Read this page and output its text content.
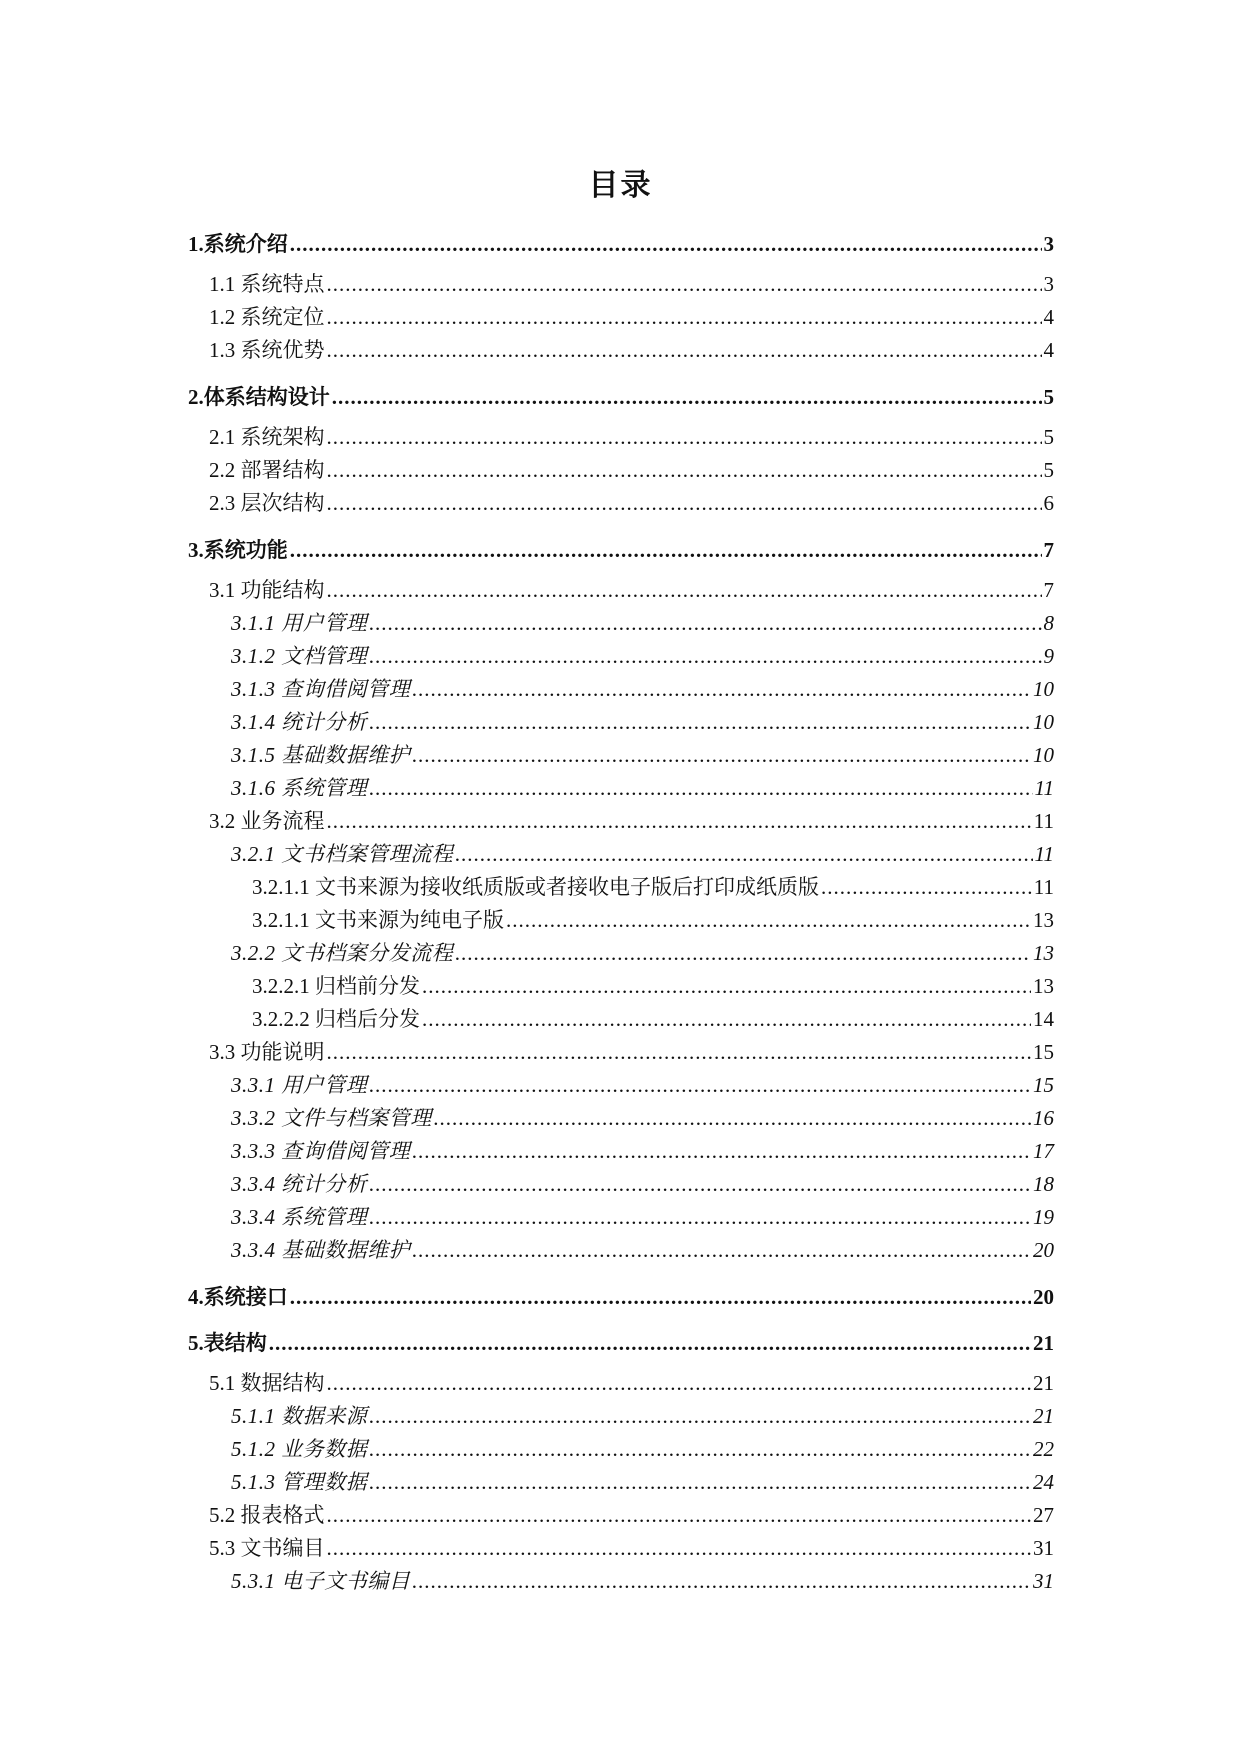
目录
1.系统介绍 .....	3
1.1 系统特点 .....	3
1.2 系统定位 .....	4
1.3 系统优势 .....	4
2.体系结构设计 .....	5
2.1 系统架构 .....	5
2.2 部署结构 .....	5
2.3 层次结构 .....	6
3.系统功能 .....	7
3.1 功能结构 .....	7
3.1.1 用户管理 .....	8
3.1.2 文档管理 .....	9
3.1.3 查询借阅管理 .....	10
3.1.4 统计分析 .....	10
3.1.5 基础数据维护 .....	10
3.1.6 系统管理 .....	11
3.2 业务流程 .....	11
3.2.1 文书档案管理流程 .....	11
3.2.1.1 文书来源为接收纸质版或者接收电子版后打印成纸质版 .....	11
3.2.1.1 文书来源为纯电子版 .....	13
3.2.2 文书档案分发流程 .....	13
3.2.2.1 归档前分发 .....	13
3.2.2.2 归档后分发 .....	14
3.3 功能说明 .....	15
3.3.1 用户管理 .....	15
3.3.2 文件与档案管理 .....	16
3.3.3 查询借阅管理 .....	17
3.3.4 统计分析 .....	18
3.3.4 系统管理 .....	19
3.3.4 基础数据维护 .....	20
4.系统接口 .....	20
5.表结构 .....	21
5.1 数据结构 .....	21
5.1.1 数据来源 .....	21
5.1.2 业务数据 .....	22
5.1.3 管理数据 .....	24
5.2 报表格式 .....	27
5.3 文书编目 .....	31
5.3.1 电子文书编目 .....	31
